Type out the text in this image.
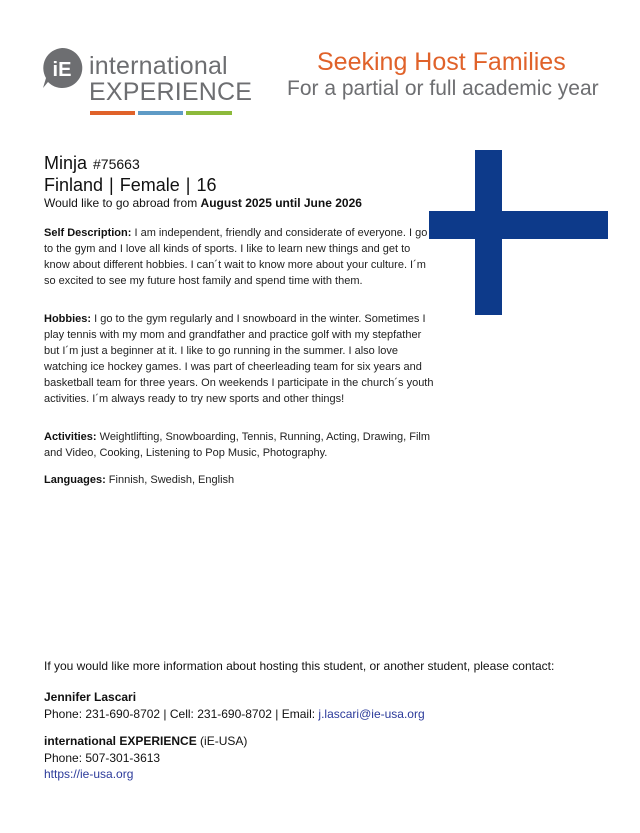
iE international
EXPERIENCE
Seeking Host Families
For a partial or full academic year
Minja #75663
Finland | Female | 16
Would like to go abroad from August 2025 until June 2026
Self Description: I am independent, friendly and considerate of everyone. I go to the gym and I love all kinds of sports. I like to learn new things and get to know about different hobbies. I can´t wait to know more about your culture. I´m so excited to see my future host family and spend time with them.
Hobbies: I go to the gym regularly and I snowboard in the winter. Sometimes I play tennis with my mom and grandfather and practice golf with my stepfather but I´m just a beginner at it. I like to go running in the summer. I also love watching ice hockey games. I was part of cheerleading team for six years and basketball team for three years. On weekends I participate in the church´s youth activities. I´m always ready to try new sports and other things!
Activities: Weightlifting, Snowboarding, Tennis, Running, Acting, Drawing, Film and Video, Cooking, Listening to Pop Music, Photography.
Languages: Finnish, Swedish, English
If you would like more information about hosting this student, or another student, please contact:
Jennifer Lascari
Phone: 231-690-8702 | Cell: 231-690-8702 | Email: j.lascari@ie-usa.org
international EXPERIENCE (iE-USA)
Phone: 507-301-3613
https://ie-usa.org
